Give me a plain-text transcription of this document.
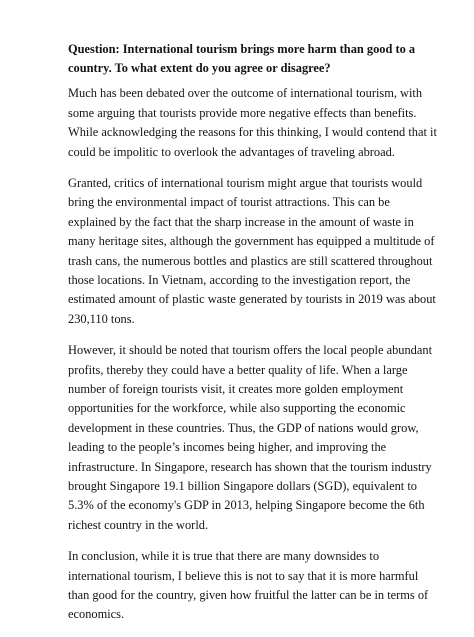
Question: International tourism brings more harm than good to a country. To what extent do you agree or disagree?

Much has been debated over the outcome of international tourism, with some arguing that tourists provide more negative effects than benefits. While acknowledging the reasons for this thinking, I would contend that it could be impolitic to overlook the advantages of traveling abroad.

Granted, critics of international tourism might argue that tourists would bring the environmental impact of tourist attractions. This can be explained by the fact that the sharp increase in the amount of waste in many heritage sites, although the government has equipped a multitude of trash cans, the numerous bottles and plastics are still scattered throughout those locations. In Vietnam, according to the investigation report, the estimated amount of plastic waste generated by tourists in 2019 was about 230,110 tons.

However, it should be noted that tourism offers the local people abundant profits, thereby they could have a better quality of life. When a large number of foreign tourists visit, it creates more golden employment opportunities for the workforce, while also supporting the economic development in these countries. Thus, the GDP of nations would grow, leading to the people’s incomes being higher, and improving the infrastructure. In Singapore, research has shown that the tourism industry brought Singapore 19.1 billion Singapore dollars (SGD), equivalent to 5.3% of the economy's GDP in 2013, helping Singapore become the 6th richest country in the world.

In conclusion, while it is true that there are many downsides to international tourism, I believe this is not to say that it is more harmful than good for the country, given how fruitful the latter can be in terms of economics.
